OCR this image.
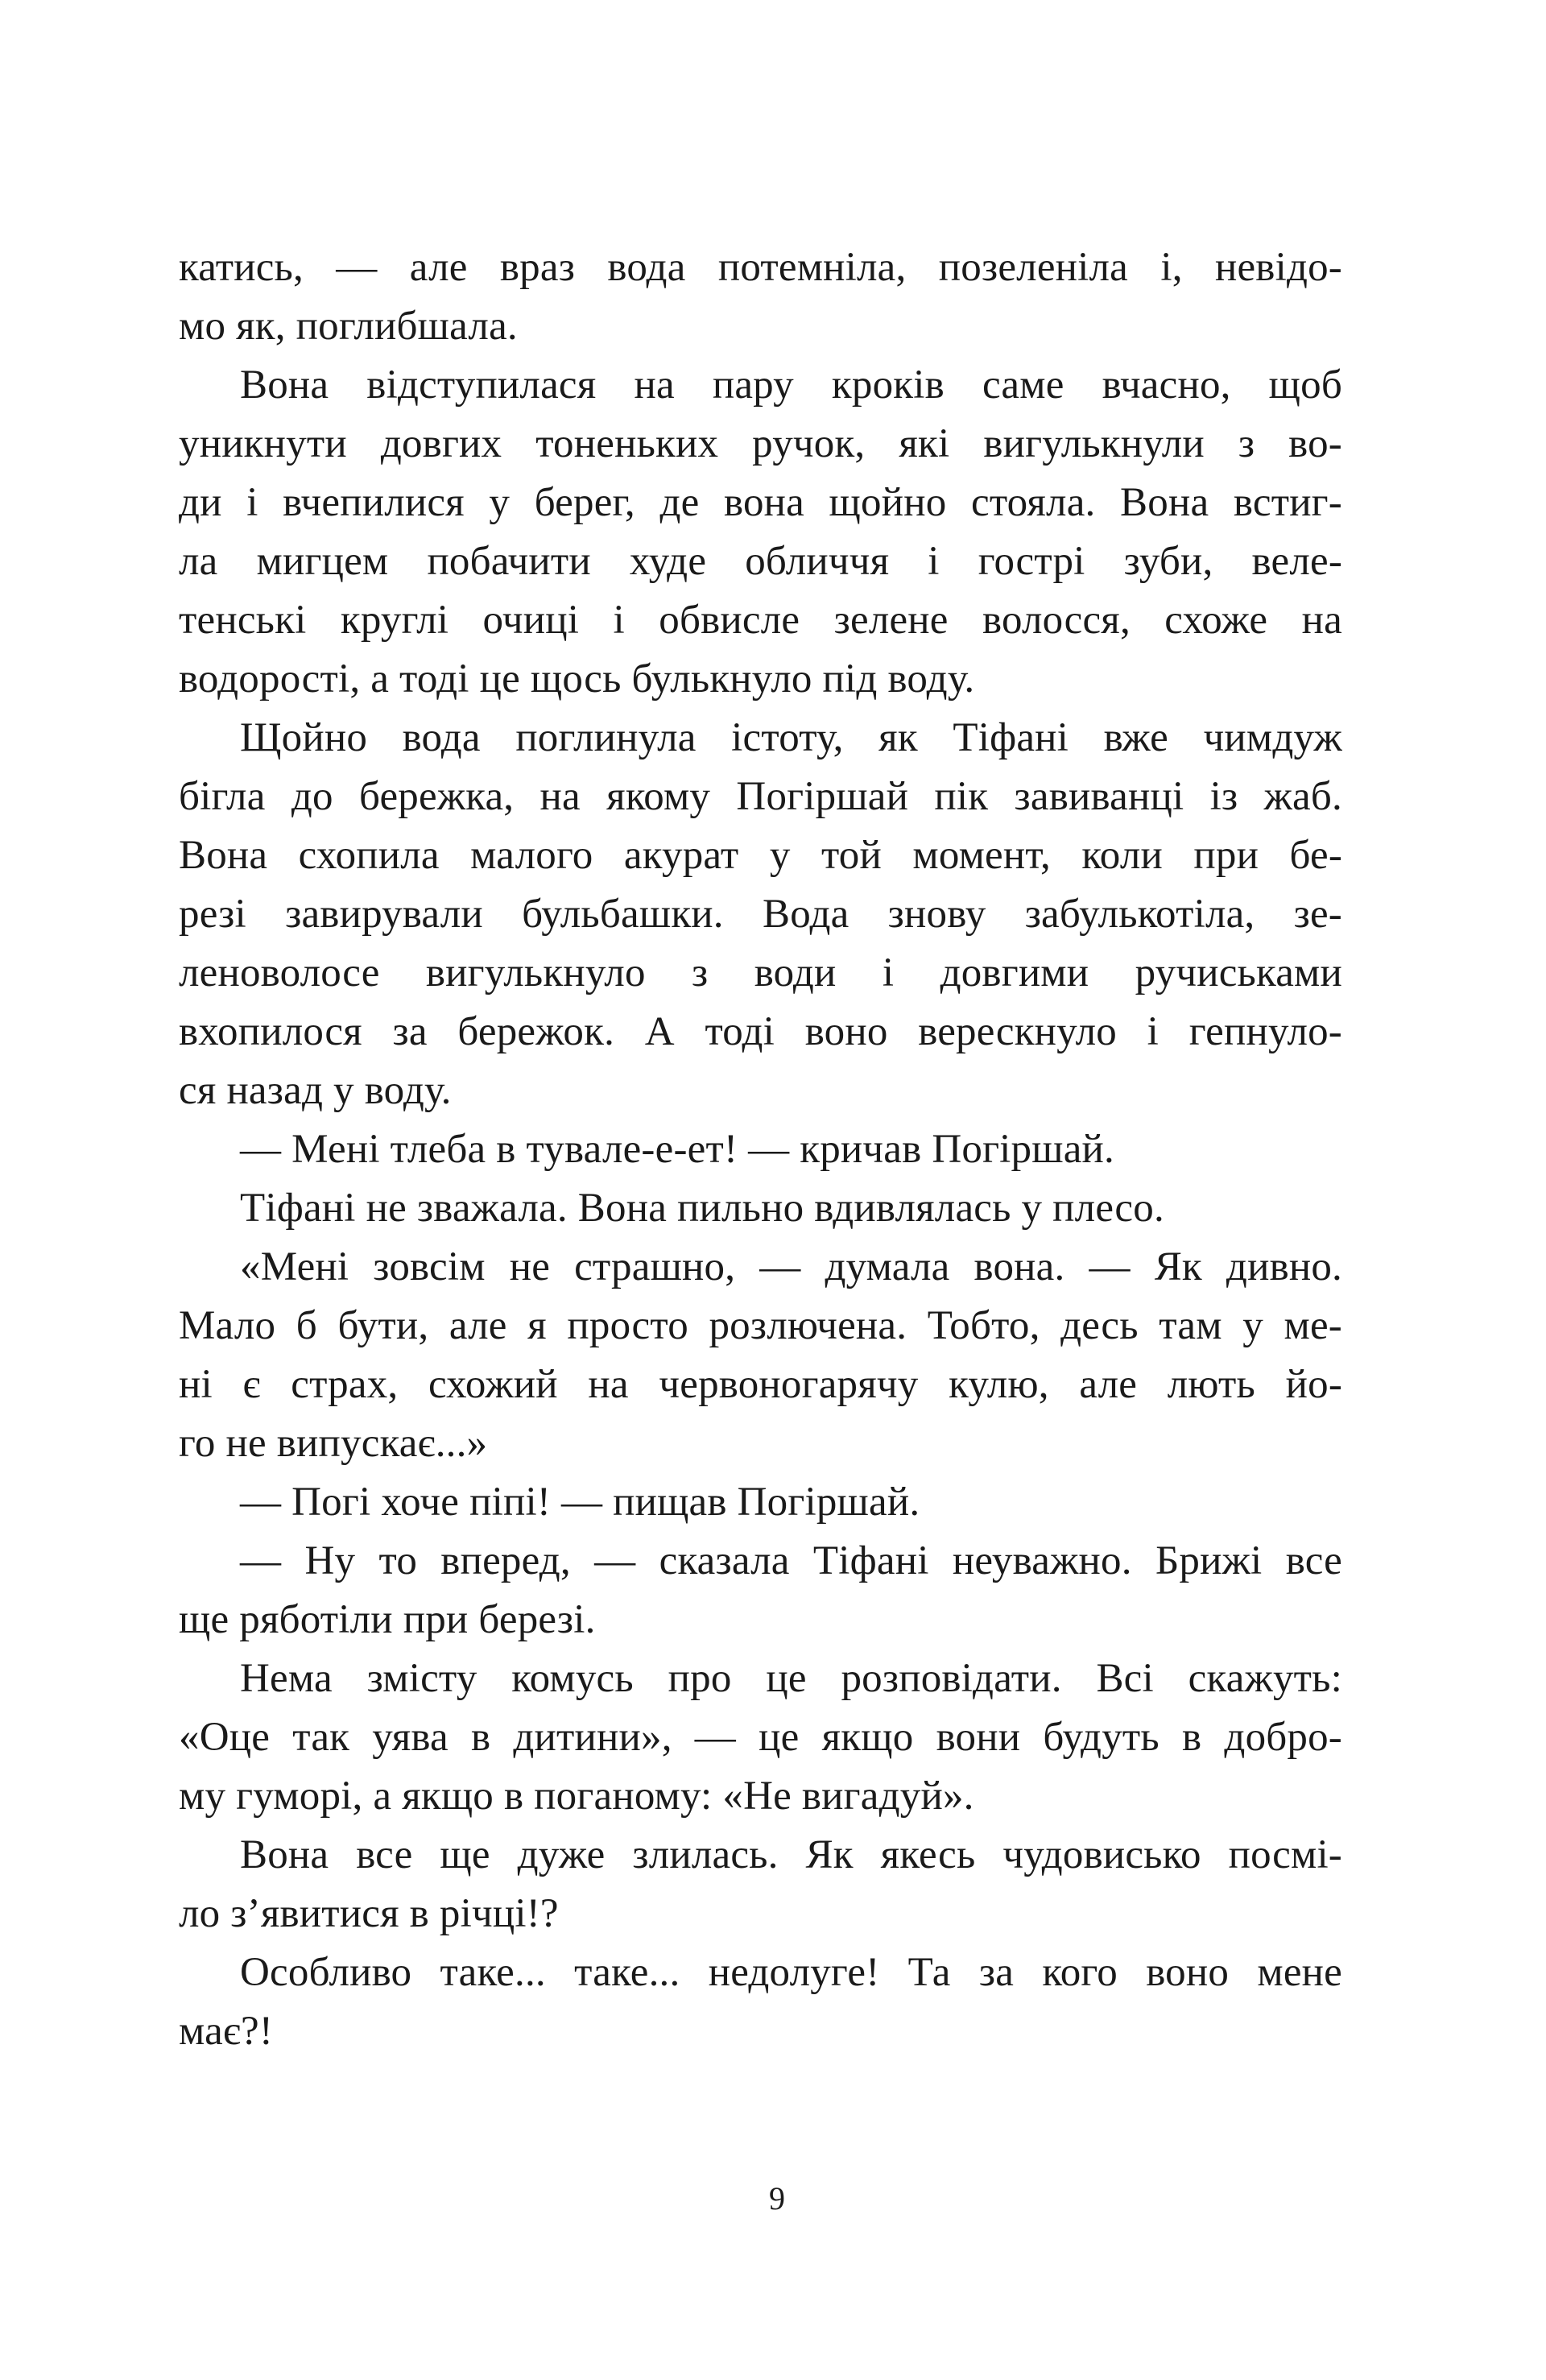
катись, — але враз вода потемніла, позеленіла і, невідо-
мо як, поглибшала.
Вона відступилася на пару кроків саме вчасно, щоб
уникнути довгих тоненьких ручок, які вигулькнули з во-
ди і вчепилися у берег, де вона щойно стояла. Вона встиг-
ла мигцем побачити худе обличчя і гострі зуби, веле-
тенські круглі очиці і обвисле зелене волосся, схоже на
водорості, а тоді це щось булькнуло під воду.
Щойно вода поглинула істоту, як Тіфані вже чимдуж
бігла до бережка, на якому Погіршай пік завиванці із жаб.
Вона схопила малого акурат у той момент, коли при бе-
резі завирували бульбашки. Вода знову забулькотіла, зе-
леноволосе вигулькнуло з води і довгими ручиськами
вхопилося за бережок. А тоді воно верескнуло і гепнуло-
ся назад у воду.
— Мені тлеба в тувале-е-ет! — кричав Погіршай.
Тіфані не зважала. Вона пильно вдивлялась у плесо.
«Мені зовсім не страшно, — думала вона. — Як дивно.
Мало б бути, але я просто розлючена. Тобто, десь там у ме-
ні є страх, схожий на червоногарячу кулю, але лють йо-
го не випускає...»
— Погі хоче піпі! — пищав Погіршай.
— Ну то вперед, — сказала Тіфані неуважно. Брижі все
ще ряботіли при березі.
Нема змісту комусь про це розповідати. Всі скажуть:
«Оце так уява в дитини», — це якщо вони будуть в добро-
му гуморі, а якщо в поганому: «Не вигадуй».
Вона все ще дуже злилась. Як якесь чудовисько посмі-
ло з’явитися в річці!?
Особливо таке... таке... недолуге! Та за кого воно мене
має?!
9
